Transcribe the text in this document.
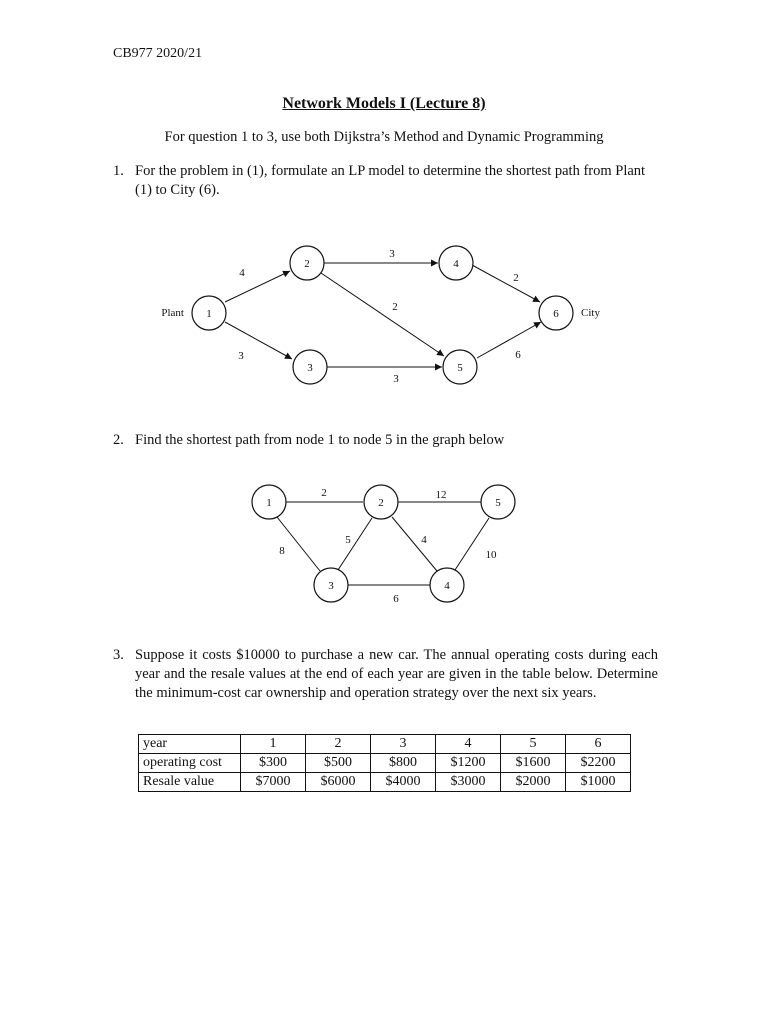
CB977 2020/21
Network Models I (Lecture 8)
For question 1 to 3, use both Dijkstra’s Method and Dynamic Programming
1. For the problem in (1), formulate an LP model to determine the shortest path from Plant (1) to City (6).
1
2
3
4
5
6
4
3
3
2
3
2
6
Plant	City
1	2
3	4
5
2
8
5	4
12
6
10
2. Find the shortest path from node 1 to node 5 in the graph below
3. Suppose it costs $10000 to purchase a new car. The annual operating costs during each year and the resale values at the end of each year are given in the table below. Determine the minimum-cost car ownership and operation strategy over the next six years.
year	1	2	3	4	5	6
operating cost	$300	$500	$800	$1200	$1600	$2200
Resale value	$7000	$6000	$4000	$3000	$2000	$1000
